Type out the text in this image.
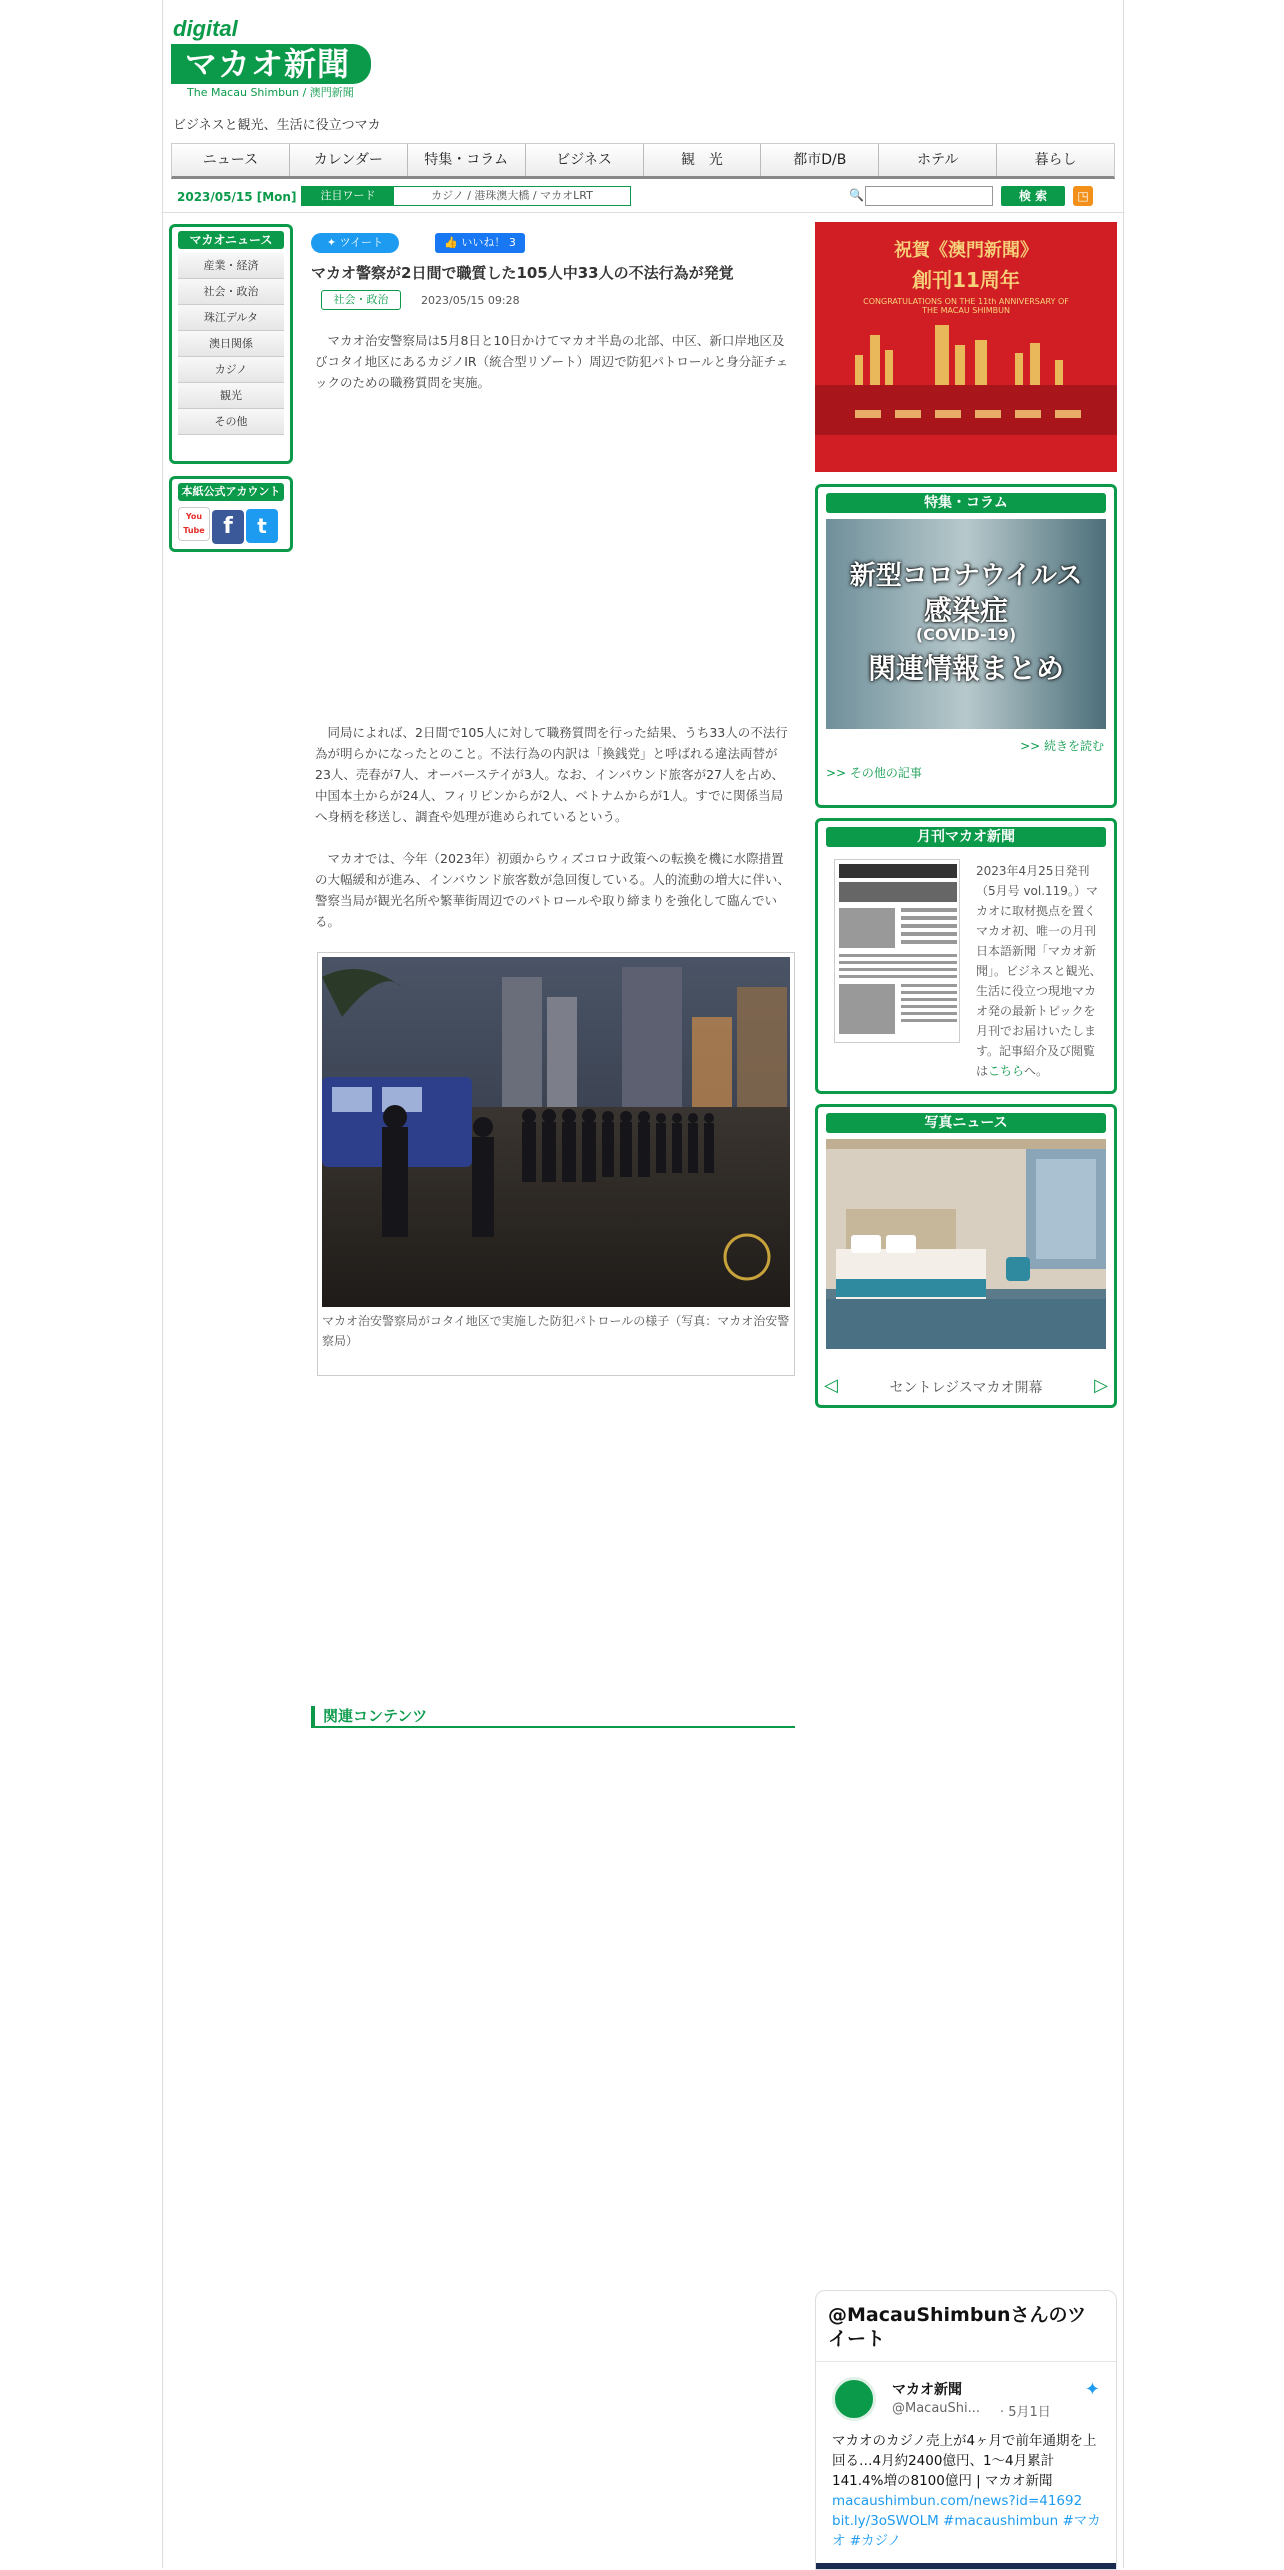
digital
マカオ新聞
The Macau Shimbun / 澳門新聞
ビジネスと観光、生活に役立つマカ
ニュース	カレンダー	特集・コラム	ビジネス	観　光	都市D/B	ホテル	暮らし
2023/05/15 [Mon]	注目ワード	カジノ / 港珠澳大橋 / マカオLRT	🔍	検 索	◳
マカオニュース
産業・経済
社会・政治
珠江デルタ
澳日関係
カジノ
観光
その他
本紙公式アカウント
You Tube f t
✦ ツイート	👍 いいね！ 3
マカオ警察が2日間で職質した105人中33人の不法行為が発覚
社会・政治	2023/05/15 09:28

　マカオ治安警察局は5月8日と10日かけてマカオ半島の北部、中区、新口岸地区及びコタイ地区にあるカジノIR（統合型リゾート）周辺で防犯パトロールと身分証チェックのための職務質問を実施。

　同局によれば、2日間で105人に対して職務質問を行った結果、うち33人の不法行為が明らかになったとのこと。不法行為の内訳は「換銭党」と呼ばれる違法両替が23人、売春が7人、オーバーステイが3人。なお、インバウンド旅客が27人を占め、中国本土からが24人、フィリピンからが2人、ベトナムからが1人。すでに関係当局へ身柄を移送し、調査や処理が進められているという。

　マカオでは、今年（2023年）初頭からウィズコロナ政策への転換を機に水際措置の大幅緩和が進み、インバウンド旅客数が急回復している。人的流動の増大に伴い、警察当局が観光名所や繁華街周辺でのパトロールや取り締まりを強化して臨んでいる。

マカオ治安警察局がコタイ地区で実施した防犯パトロールの様子（写真：マカオ治安警察局）
関連コンテンツ
祝賀《澳門新聞》
創刊11周年
CONGRATULATIONS ON THE 11th ANNIVERSARY OF
THE MACAU SHIMBUN
特集・コラム
新型コロナウイルス
感染症
(COVID-19)
関連情報まとめ
>> 続きを読む
>> その他の記事
月刊マカオ新聞
2023年4月25日発刊（5月号 vol.119。）マカオに取材拠点を置くマカオ初、唯一の月刊日本語新聞「マカオ新聞」。ビジネスと観光、生活に役立つ現地マカオ発の最新トピックを月刊でお届けいたします。記事紹介及び閲覧はこちらへ。
写真ニュース
◁	セントレジスマカオ開幕	▷
@MacauShimbunさんのツイート
マカオ新聞
@MacauShi... · 5月1日
✦
マカオのカジノ売上が4ヶ月で前年通期を上回る…4月約2400億円、1〜4月累計141.4%増の8100億円 | マカオ新聞
macaushimbun.com/news?id=41692
bit.ly/3oSWOLM #macaushimbun #マカオ #カジノ
